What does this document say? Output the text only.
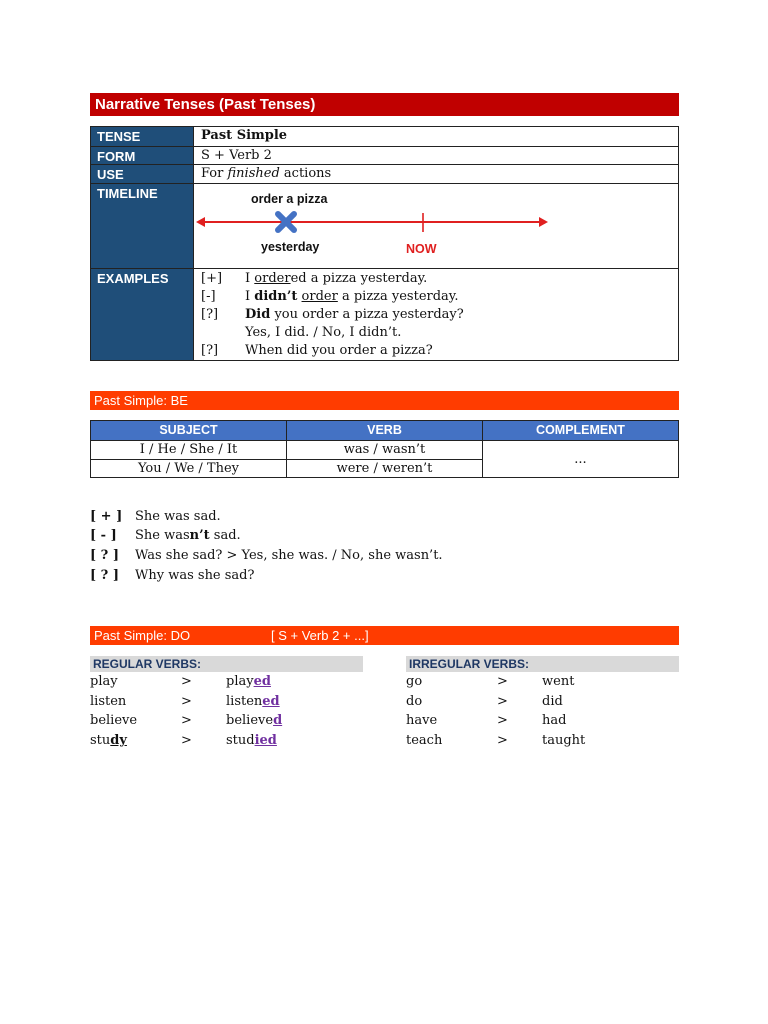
Narrative Tenses (Past Tenses)
TENSE	Past Simple
FORM	S + Verb 2
USE	For finished actions
TIMELINE	order a pizza
yesterday	NOW
EXAMPLES	[+] I ordered a pizza yesterday.
[-] I didn’t order a pizza yesterday.
[?] Did you order a pizza yesterday?
Yes, I did. / No, I didn’t.
[?] When did you order a pizza?
Past Simple: BE
SUBJECT	VERB	COMPLEMENT
I / He / She / It	was / wasn’t
You / We / They	were / weren’t
...
[ + ] She was sad.
[ - ] She wasn’t sad.
[ ? ] Was she sad? > Yes, she was. / No, she wasn’t.
[ ? ] Why was she sad?
Past Simple: DO	[ S + Verb 2 + ...]
REGULAR VERBS:	IRREGULAR VERBS:
play	>	played
listen	>	listened
believe	>	believed
study	>	studied
go	>	went
do	>	did
have	>	had
teach	>	taught
